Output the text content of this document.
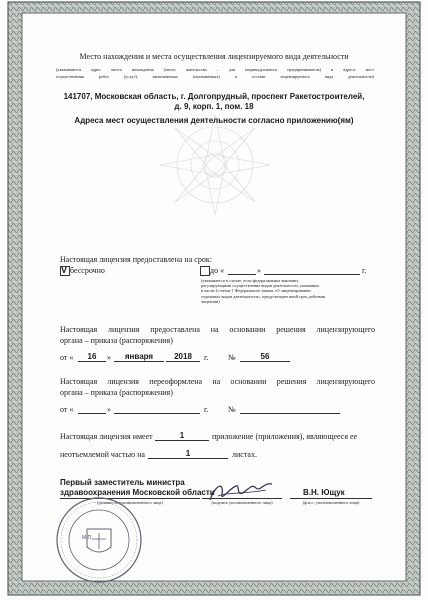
Место нахождения и места осуществления лицензируемого вида деятельности
(указываются адрес места нахождения (место жительства – для индивидуального предпринимателя) и адреса мест
осуществления работ (услуг), выполняемых (оказываемых) в составе лицензируемого вида деятельности)
141707, Московская область, г. Долгопрудный, проспект Ракетостроителей,
д. 9, корп. 1, пом. 18
Адреса мест осуществления деятельности согласно приложению(ям)
Настоящая лицензия предоставлена на срок:
V бессрочно	до «	»	г.
(указывается в случае, если федеральными законами,
регулирующими осуществление видов деятельности, указанных
в части 4 статьи 1 Федерального закона «О лицензировании
отдельных видов деятельности», предусмотрен иной срок действия
лицензии)
Настоящая лицензия предоставлена на основании решения лицензирующего
органа – приказа (распоряжения)
от «	16	»	января	2018	г. №	56
Настоящая лицензия переоформлена на основании решения лицензирующего
органа – приказа (распоряжения)
от «	»	г. №
Настоящая лицензия имеет	1	приложение (приложения), являющееся ее
неотъемлемой частью на	1	листах.
Первый заместитель министра
здравоохранения Московской области
(должность уполномоченного лица)	(подпись уполномоченного лица)
В.Н. Ющук
(ф.и.о. уполномоченного лица)
М.П.
